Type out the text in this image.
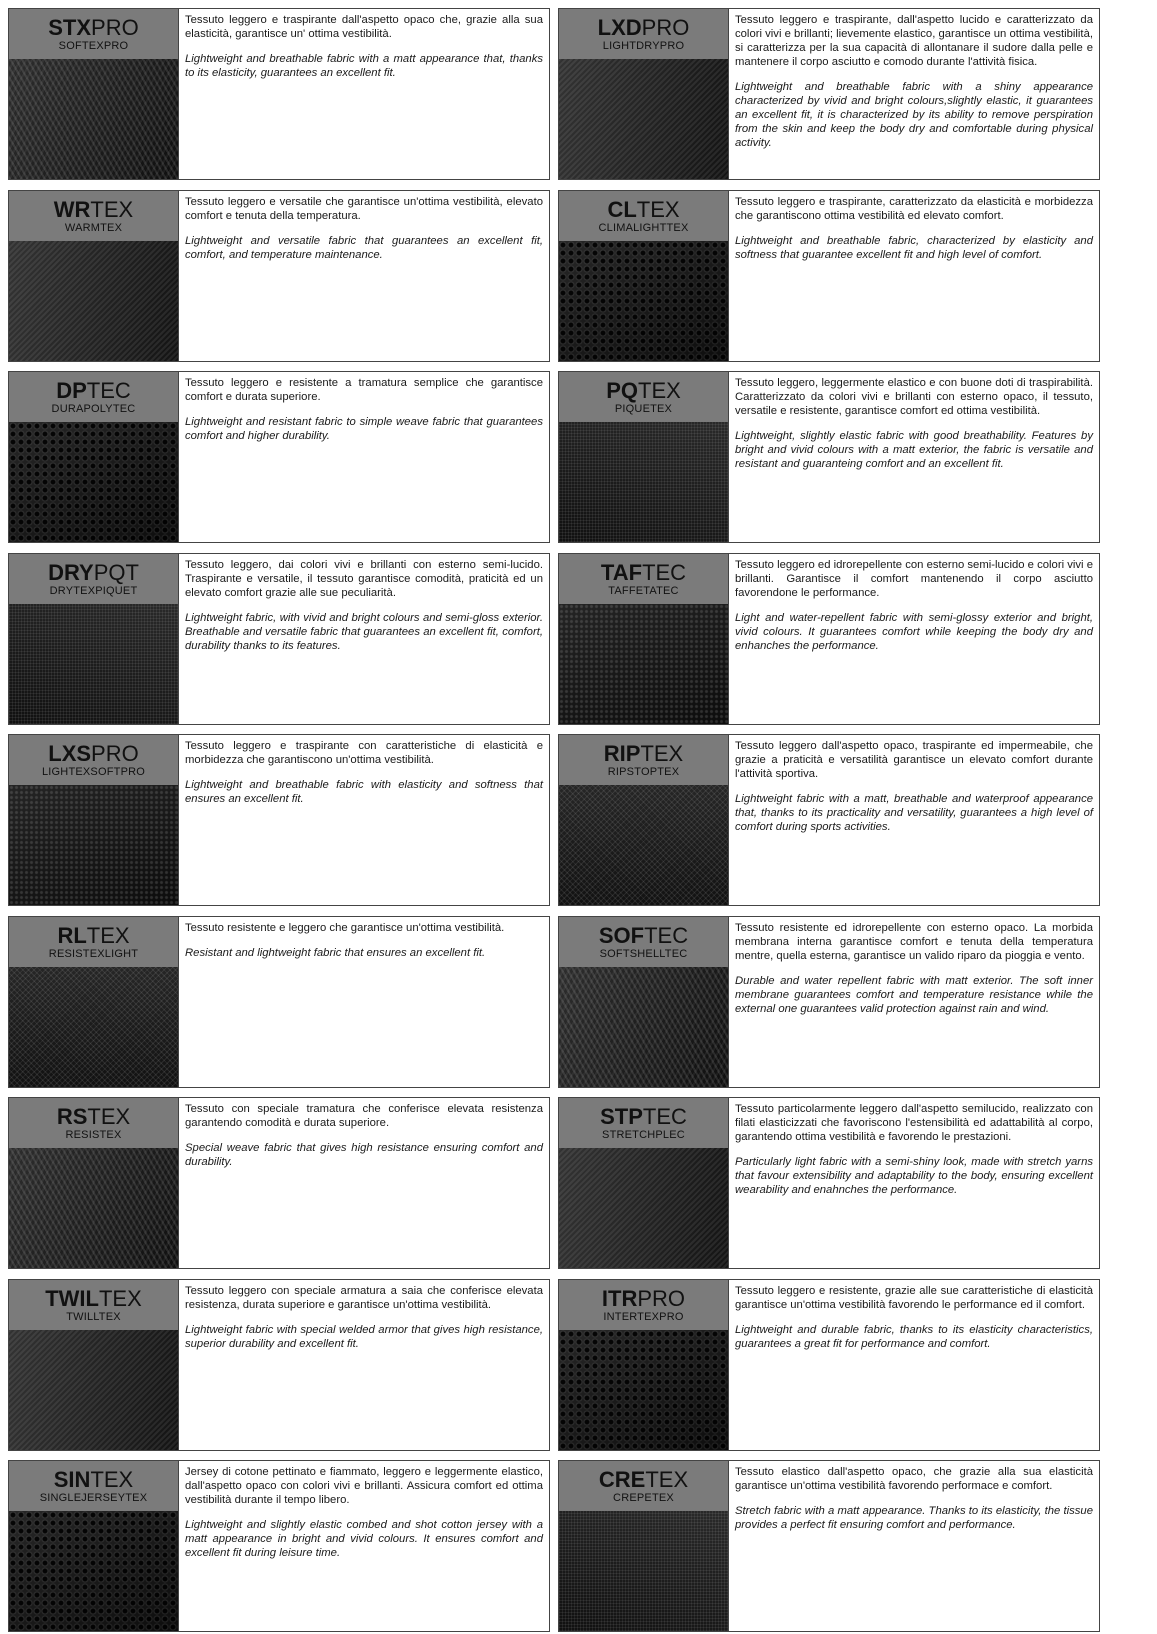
STXPRO
SOFTEXPRO

Tessuto leggero e traspirante dall'aspetto opaco che, grazie alla sua elasticità, garantisce un' ottima vestibilità.

Lightweight and breathable fabric with a matt appearance that, thanks to its elasticity, guarantees an excellent fit.

LXDPRO
LIGHTDRYPRO

Tessuto leggero e traspirante, dall'aspetto lucido e caratterizzato da colori vivi e brillanti; lievemente elastico, garantisce un ottima vestibilità, si caratterizza per la sua capacità di allontanare il sudore dalla pelle e mantenere il corpo asciutto e comodo durante l'attività fisica.

Lightweight and breathable fabric with a shiny appearance characterized by vivid and bright colours,slightly elastic, it guarantees an excellent fit, it is characterized by its ability to remove perspiration from the skin and keep the body dry and comfortable during physical activity.

WRTEX
WARMTEX

Tessuto leggero e versatile che garantisce un'ottima vestibilità, elevato comfort e tenuta della temperatura.

Lightweight and versatile fabric that guarantees an excellent fit, comfort, and temperature maintenance.

CLTEX
CLIMALIGHTTEX

Tessuto leggero e traspirante, caratterizzato da elasticità e morbidezza che garantiscono ottima vestibilità ed elevato comfort.

Lightweight and breathable fabric, characterized by elasticity and softness that guarantee excellent fit and high level of comfort.

DPTEC
DURAPOLYTEC

Tessuto leggero e resistente a tramatura semplice che garantisce comfort e durata superiore.

Lightweight and resistant fabric to simple weave fabric that guarantees comfort and higher durability.

PQTEX
PIQUETEX

Tessuto leggero, leggermente elastico e con buone doti di traspirabilità. Caratterizzato da colori vivi e brillanti con esterno opaco, il tessuto, versatile e resistente, garantisce comfort ed ottima vestibilità.

Lightweight, slightly elastic fabric with good breathability. Features by bright and vivid colours with a matt exterior, the fabric is versatile and resistant and guaranteing comfort and an excellent fit.

DRYPQT
DRYTEXPIQUET

Tessuto leggero, dai colori vivi e brillanti con esterno semi-lucido. Traspirante e versatile, il tessuto garantisce comodità, praticità ed un elevato comfort grazie alle sue peculiarità.

Lightweight fabric, with vivid and bright colours and semi-gloss exterior. Breathable and versatile fabric that guarantees an excellent fit, comfort, durability thanks to its features.

TAFTEC
TAFFETATEC

Tessuto leggero ed idrorepellente con esterno semi-lucido e colori vivi e brillanti. Garantisce il comfort mantenendo il corpo asciutto favorendone le performance.

Light and water-repellent fabric with semi-glossy exterior and bright, vivid colours. It guarantees comfort while keeping the body dry and enhanches the performance.

LXSPRO
LIGHTEXSOFTPRO

Tessuto leggero e traspirante con caratteristiche di elasticità e morbidezza che garantiscono un'ottima vestibilità.

Lightweight and breathable fabric with elasticity and softness that ensures an excellent fit.

RIPTEX
RIPSTOPTEX

Tessuto leggero dall'aspetto opaco, traspirante ed impermeabile, che grazie a praticità e versatilità garantisce un elevato comfort durante l'attività sportiva.

Lightweight fabric with a matt, breathable and waterproof appearance that, thanks to its practicality and versatility, guarantees a high level of comfort during sports activities.

RLTEX
RESISTEXLIGHT

Tessuto resistente e leggero che garantisce un'ottima vestibilità.

Resistant and lightweight fabric that ensures an excellent fit.

SOFTEC
SOFTSHELLTEC

Tessuto resistente ed idrorepellente con esterno opaco. La morbida membrana interna garantisce comfort e tenuta della temperatura mentre, quella esterna, garantisce un valido riparo da pioggia e vento.

Durable and water repellent fabric with matt exterior. The soft inner membrane guarantees comfort and temperature resistance while the external one guarantees valid protection against rain and wind.

RSTEX
RESISTEX

Tessuto con speciale tramatura che conferisce elevata resistenza garantendo comodità e durata superiore.

Special weave fabric that gives high resistance ensuring comfort and durability.

STPTEC
STRETCHPLEC

Tessuto particolarmente leggero dall'aspetto semilucido, realizzato con filati elasticizzati che favoriscono l'estensibilità ed adattabilità al corpo, garantendo ottima vestibilità e favorendo le prestazioni.

Particularly light fabric with a semi-shiny look, made with stretch yarns that favour extensibility and adaptability to the body, ensuring excellent wearability and enahnches the performance.

TWILTEX
TWILLTEX

Tessuto leggero con speciale armatura a saia che conferisce elevata resistenza, durata superiore e garantisce un'ottima vestibilità.

Lightweight fabric with special welded armor that gives high resistance, superior durability and excellent fit.

ITRPRO
INTERTEXPRO

Tessuto leggero e resistente, grazie alle sue caratteristiche di elasticità garantisce un'ottima vestibilità favorendo le performance ed il comfort.

Lightweight and durable fabric, thanks to its elasticity characteristics, guarantees a great fit for performance and comfort.

SINTEX
SINGLEJERSEYTEX

Jersey di cotone pettinato e fiammato, leggero e leggermente elastico, dall'aspetto opaco con colori vivi e brillanti. Assicura comfort ed ottima vestibilità durante il tempo libero.

Lightweight and slightly elastic combed and shot cotton jersey with a matt appearance in bright and vivid colours. It ensures comfort and excellent fit during leisure time.

CRETEX
CREPETEX

Tessuto elastico dall'aspetto opaco, che grazie alla sua elasticità garantisce un'ottima vestibilità favorendo performace e comfort.

Stretch fabric with a matt appearance. Thanks to its elasticity, the tissue provides a perfect fit ensuring comfort and performance.
